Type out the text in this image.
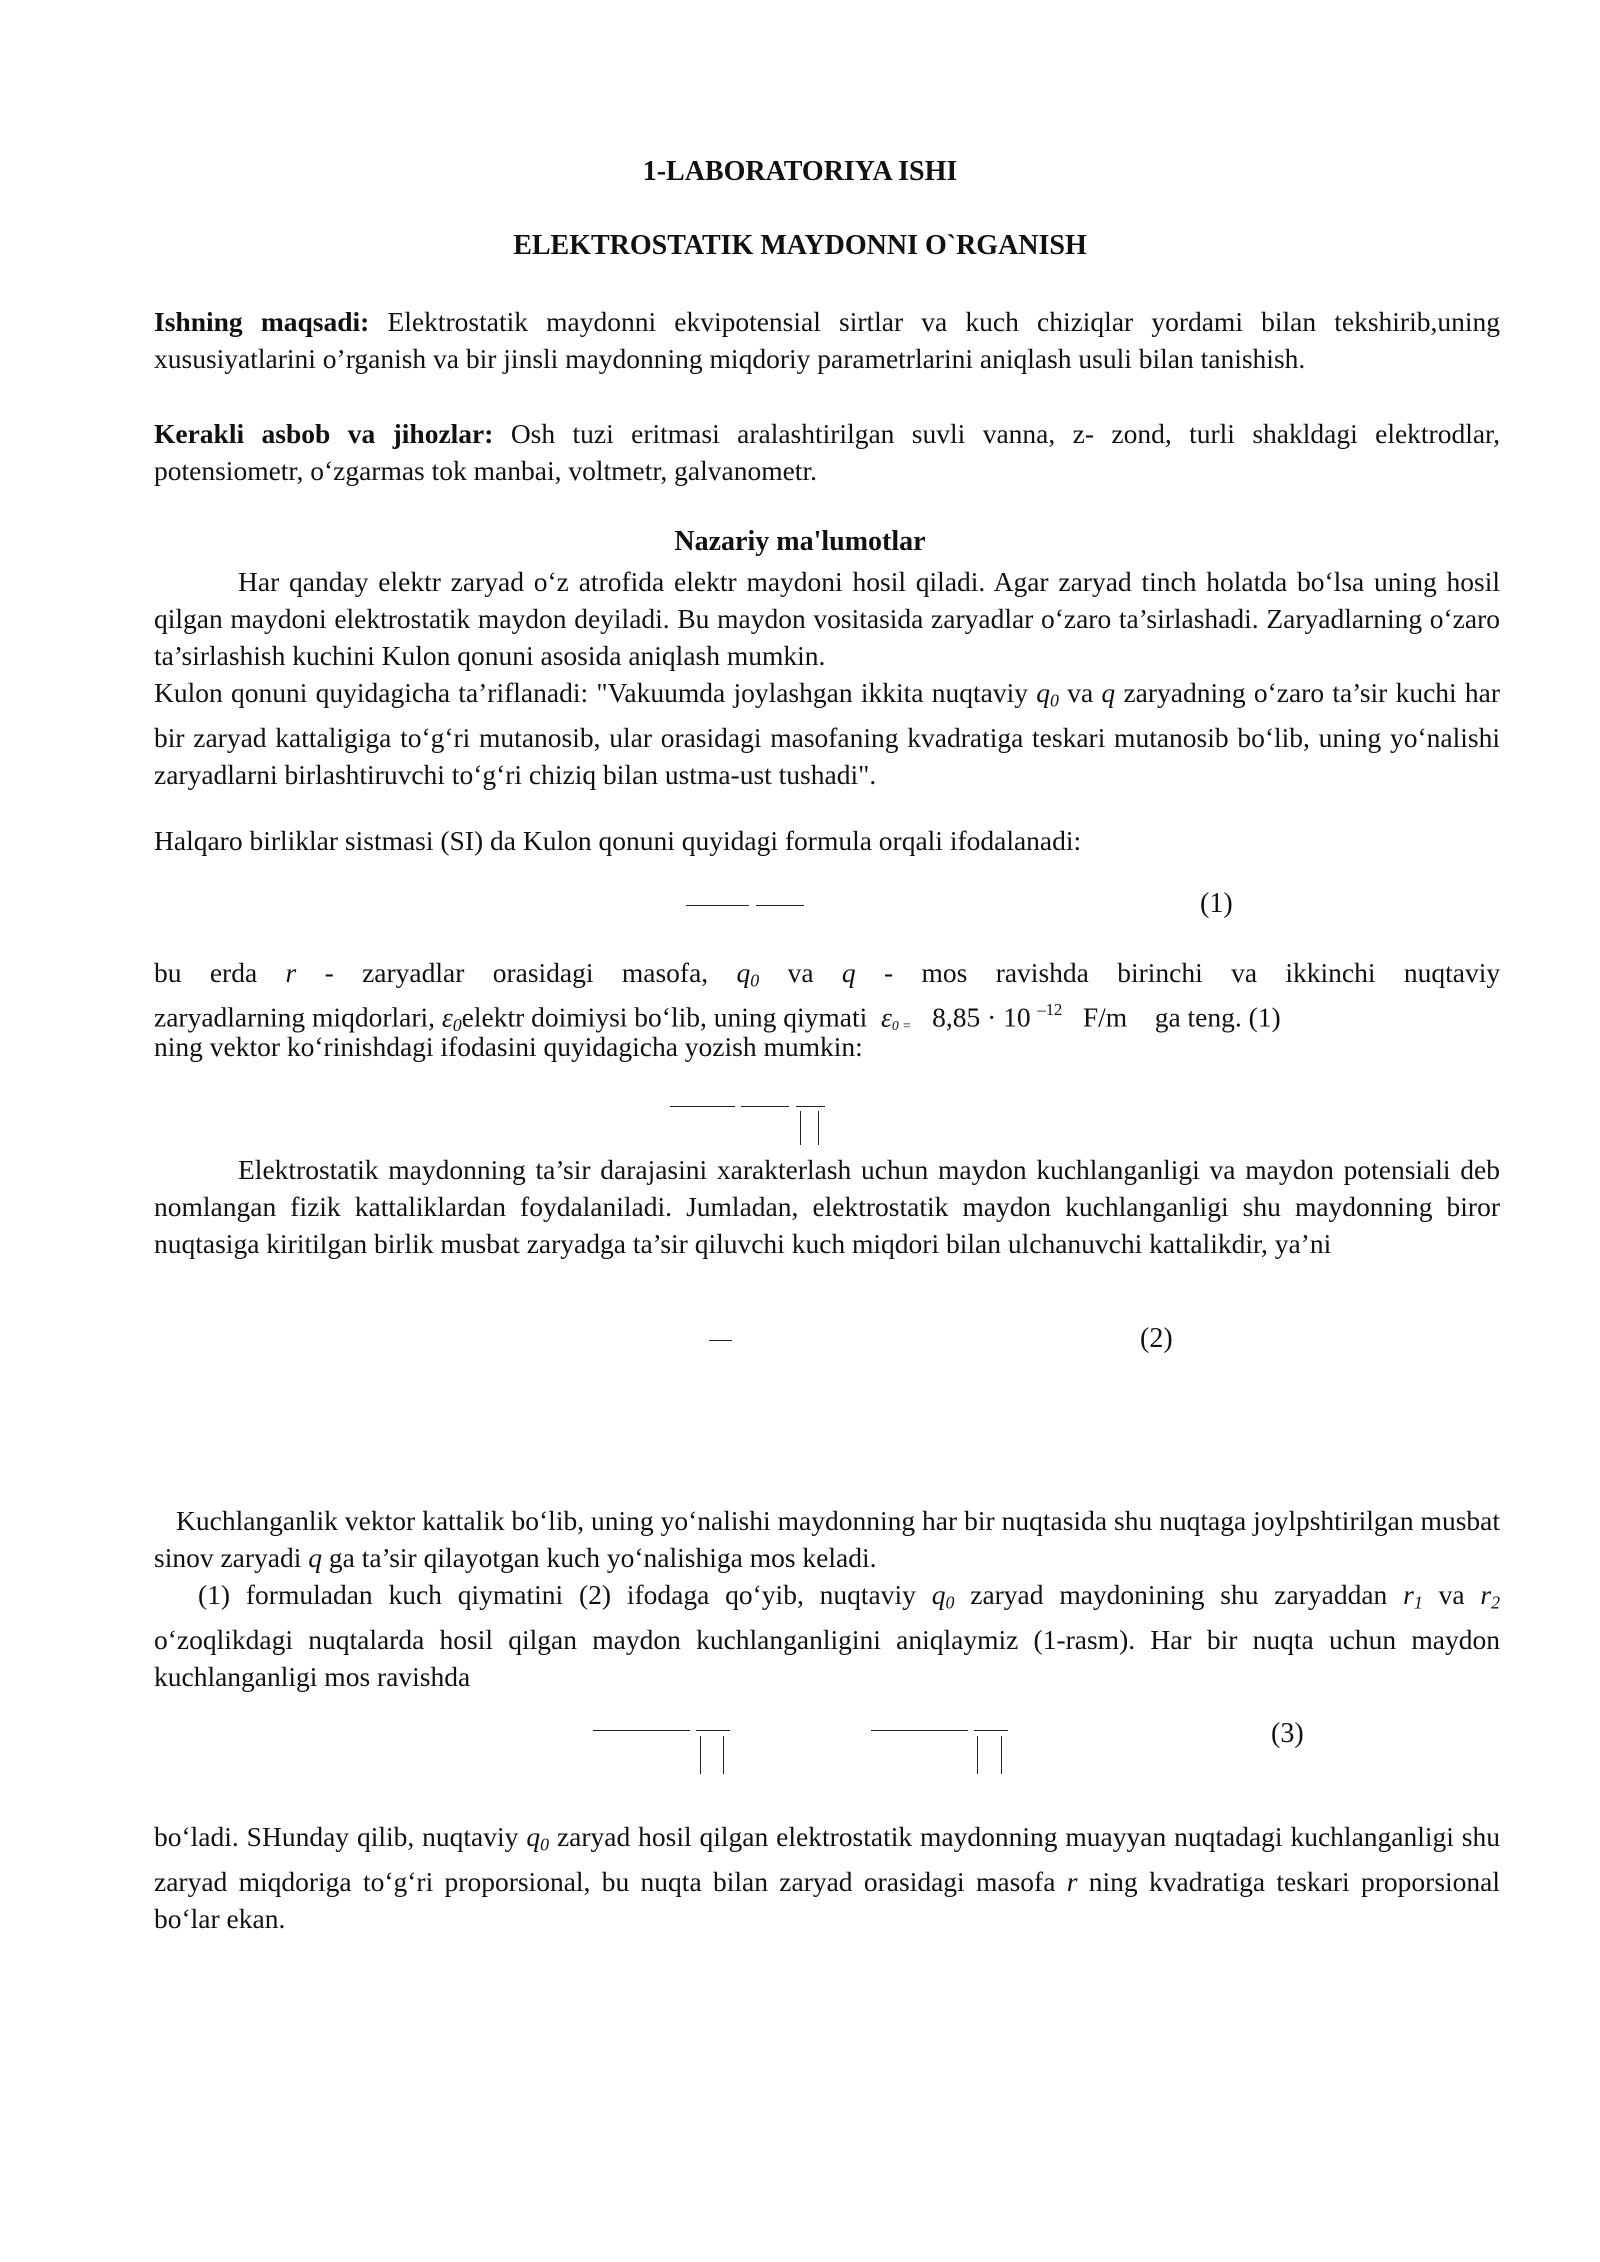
1-LABORATORIYA ISHI
ELEKTROSTATIK MAYDONNI O`RGANISH

Ishning maqsadi: Elektrostatik maydonni ekvipotensial sirtlar va kuch chiziqlar yordami bilan tekshirib,uning xususiyatlarini o’rganish va bir jinsli maydonning miqdoriy parametrlarini aniqlash usuli bilan tanishish.

Kerakli asbob va jihozlar: Osh tuzi eritmasi aralashtirilgan suvli vanna, z- zond, turli shakldagi elektrodlar, potensiometr, o‘zgarmas tok manbai, voltmetr, galvanometr.

Nazariy ma'lumotlar

Har qanday elektr zaryad o‘z atrofida elektr maydoni hosil qiladi. Agar zaryad tinch holatda bo‘lsa uning hosil qilgan maydoni elektrostatik maydon deyiladi. Bu maydon vositasida zaryadlar o‘zaro ta’sirlashadi. Zaryadlarning o‘zaro ta’sirlashish kuchini Kulon qonuni asosida aniqlash mumkin.

Kulon qonuni quyidagicha ta’riflanadi: "Vakuumda joylashgan ikkita nuqtaviy $q_0$ va q zaryadning o‘zaro ta’sir kuchi har bir zaryad kattaligiga to‘g‘ri mutanosib, ular orasidagi masofaning kvadratiga teskari mutanosib bo‘lib, uning yo‘nalishi zaryadlarni birlashtiruvchi to‘g‘ri chiziq bilan ustma-ust tushadi".

Halqaro birliklar sistmasi (SI) da Kulon qonuni quyidagi formula orqali ifodalanadi:

(1)
bu erda r - zaryadlar orasidagi masofa, $q_0$ va q - mos ravishda birinchi va ikkinchi nuqtaviy
zaryadlarning miqdorlari, $\varepsilon_0elektr$ doimiysi bo‘lib, uning qiymati $\varepsilon_{0 =}$ 8,85 · 10 $^{-12}$ F/m ga teng. (1)
ning vektor ko‘rinishdagi ifodasini quyidagicha yozish mumkin:

Elektrostatik maydonning ta’sir darajasini xarakterlash uchun maydon kuchlanganligi va maydon potensiali deb nomlangan fizik kattaliklardan foydalaniladi. Jumladan, elektrostatik maydon kuchlanganligi shu maydonning biror nuqtasiga kiritilgan birlik musbat zaryadga ta’sir qiluvchi kuch miqdori bilan ulchanuvchi kattalikdir, ya’ni

(2)

Kuchlanganlik vektor kattalik bo‘lib, uning yo‘nalishi maydonning har bir nuqtasida shu nuqtaga joylpshtirilgan musbat sinov zaryadi q ga ta’sir qilayotgan kuch yo‘nalishiga mos keladi.

(1) formuladan kuch qiymatini (2) ifodaga qo‘yib, nuqtaviy $q_0$ zaryad maydonining shu zaryaddan $r_1$ va $r_2$ o‘zoqlikdagi nuqtalarda hosil qilgan maydon kuchlanganligini aniqlaymiz (1-rasm). Har bir nuqta uchun maydon kuchlanganligi mos ravishda

(3)

bo‘ladi. SHunday qilib, nuqtaviy $q_0$ zaryad hosil qilgan elektrostatik maydonning muayyan nuqtadagi kuchlanganligi shu zaryad miqdoriga to‘g‘ri proporsional, bu nuqta bilan zaryad orasidagi masofa r ning kvadratiga teskari proporsional bo‘lar ekan.
